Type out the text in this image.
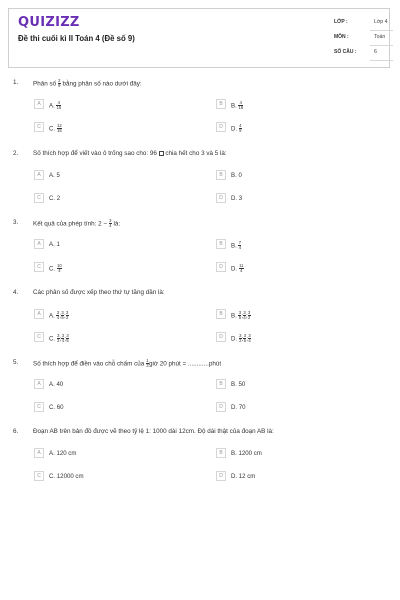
QUIZIZZ
Đề thi cuối kì II Toán 4 (Đề số 9)
LỚP :	Lớp 4
MÔN :	Toán
SỐ CÂU :	6
1. Phân số $\frac{2}{9}$ bằng phân số nào dưới đây:
A	A. $\frac{4}{16}$	B	B. $\frac{4}{18}$
C	C. $\frac{12}{15}$	D	D. $\frac{4}{9}$
2. Số thích hợp để viết vào ô trống sao cho: 96 chia hết cho 3 và 5 là:
A	A. 5	B	B. 0
C	C. 2	D	D. 3
3. Kết quả của phép tính: $2 - \frac{3}{4}$ là:
A	A. 1	B	B. $\frac{7}{4}$
C	C. $\frac{10}{4}$	D	D. $\frac{11}{4}$
4. Các phân số được xếp theo thứ tự tăng dần là:
A	A. $\frac{3}{4}$ ; $\frac{3}{5}$ ; $\frac{3}{2}$	B	B. $\frac{3}{5}$ ; $\frac{3}{4}$ ; $\frac{3}{2}$
C	C. $\frac{3}{2}$ ; $\frac{3}{4}$ ; $\frac{3}{5}$	D	D. $\frac{3}{2}$ ; $\frac{3}{5}$ ; $\frac{3}{4}$
5. Số thích hợp để điền vào chỗ chấm của $\frac{1}{3}$ giờ 20 phút = ............phút
A	A. 40	B	B. 50
C	C. 60	D	D. 70
6. Đoạn AB trên bản đồ được vẽ theo tỷ lệ 1: 1000 dài 12cm. Độ dài thật của đoạn AB là:
A	A. 120 cm	B	B. 1200 cm
C	C. 12000 cm	D	D. 12 cm
